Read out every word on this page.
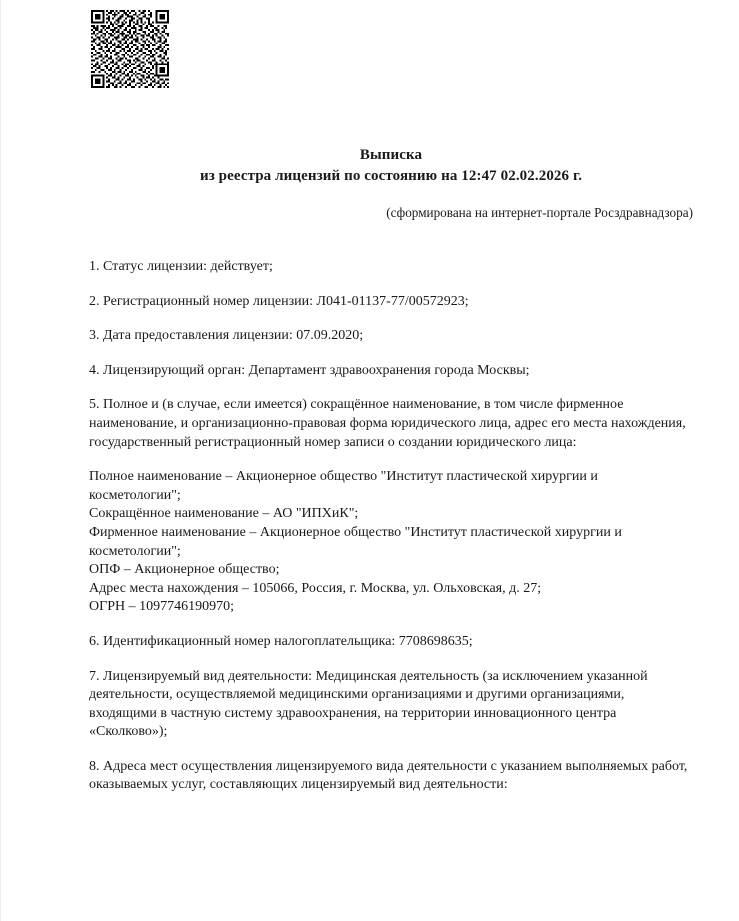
Выписка
из реестра лицензий по состоянию на 12:47 02.02.2026 г.
(сформирована на интернет-портале Росздравнадзора)

1. Статус лицензии: действует;

2. Регистрационный номер лицензии: Л041-01137-77/00572923;

3. Дата предоставления лицензии: 07.09.2020;

4. Лицензирующий орган: Департамент здравоохранения города Москвы;

5. Полное и (в случае, если имеется) сокращённое наименование, в том числе фирменное наименование, и организационно-правовая форма юридического лица, адрес его места нахождения, государственный регистрационный номер записи о создании юридического лица:

Полное наименование – Акционерное общество "Институт пластической хирургии и косметологии";
Сокращённое наименование – АО "ИПХиК";
Фирменное наименование – Акционерное общество "Институт пластической хирургии и косметологии";
ОПФ – Акционерное общество;
Адрес места нахождения – 105066, Россия, г. Москва, ул. Ольховская, д. 27;
ОГРН – 1097746190970;

6. Идентификационный номер налогоплательщика: 7708698635;

7. Лицензируемый вид деятельности: Медицинская деятельность (за исключением указанной деятельности, осуществляемой медицинскими организациями и другими организациями, входящими в частную систему здравоохранения, на территории инновационного центра «Сколково»);

8. Адреса мест осуществления лицензируемого вида деятельности с указанием выполняемых работ, оказываемых услуг, составляющих лицензируемый вид деятельности:
